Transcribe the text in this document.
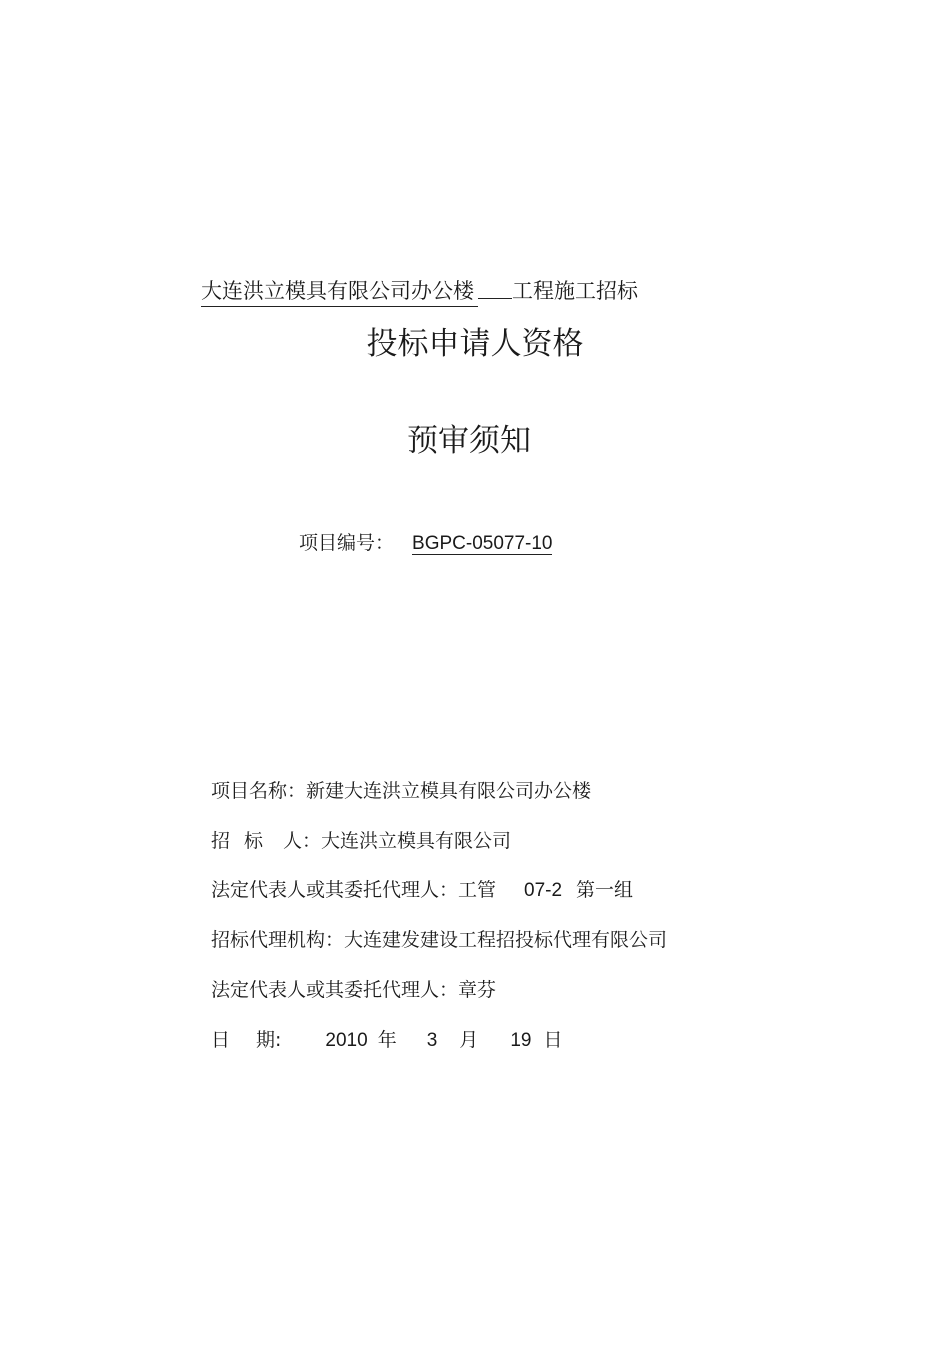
大连洪立模具有限公司办公楼 工程施工招标
投标申请人资格
预审须知
项目编号： BGPC-05077-10
项目名称：新建大连洪立模具有限公司办公楼
招 标 人：大连洪立模具有限公司
法定代表人或其委托代理人：工管 07-2 第一组
招标代理机构：大连建发建设工程招投标代理有限公司
法定代表人或其委托代理人：章芬
日 期: 2010 年 3 月 19 日
